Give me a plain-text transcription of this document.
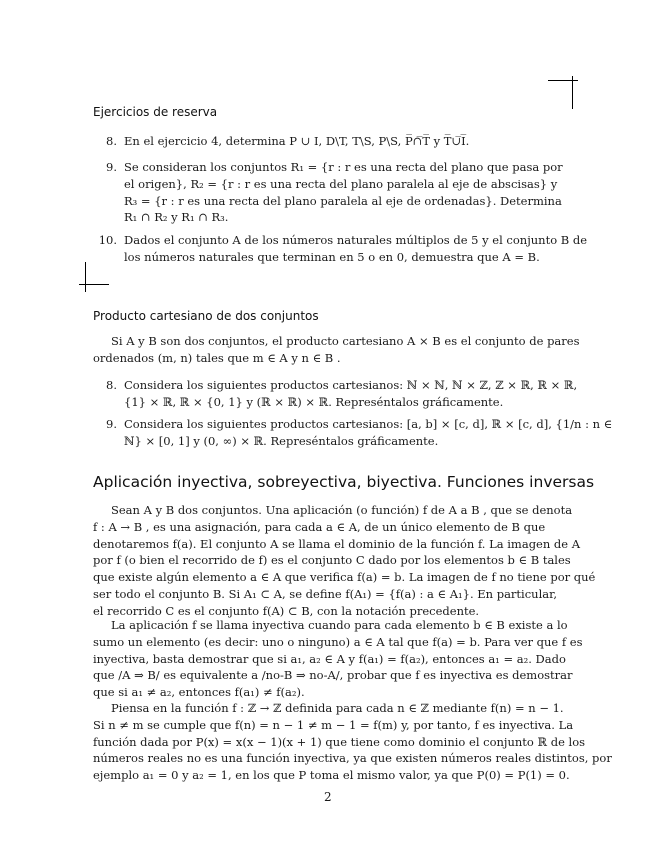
Ejercicios de reserva
8. En el ejercicio 4, determina P ∪ I, D\T, T\S, P\S, P̅∩̅T̅ y T̅∪̅I̅.
9. Se consideran los conjuntos R₁ = {r : r es una recta del plano que pasa por
el origen}, R₂ = {r : r es una recta del plano paralela al eje de abscisas} y
R₃ = {r : r es una recta del plano paralela al eje de ordenadas}. Determina
R₁ ∩ R₂ y R₁ ∩ R₃.
10. Dados el conjunto A de los números naturales múltiplos de 5 y el conjunto B de
los números naturales que terminan en 5 o en 0, demuestra que A = B.
Producto cartesiano de dos conjuntos
Si A y B son dos conjuntos, el producto cartesiano A × B es el conjunto de pares
ordenados (m, n) tales que m ∈ A y n ∈ B .
8. Considera los siguientes productos cartesianos: ℕ × ℕ, ℕ × ℤ, ℤ × ℝ, ℝ × ℝ,
{1} × ℝ, ℝ × {0, 1} y (ℝ × ℝ) × ℝ. Represéntalos gráficamente.
9. Considera los siguientes productos cartesianos: [a, b] × [c, d], ℝ × [c, d], {1/n : n ∈
ℕ} × [0, 1] y (0, ∞) × ℝ. Represéntalos gráficamente.
Aplicación inyectiva, sobreyectiva, biyectiva. Funciones inversas
Sean A y B dos conjuntos. Una aplicación (o función) f de A a B , que se denota
f : A → B , es una asignación, para cada a ∈ A, de un único elemento de B que
denotaremos f(a). El conjunto A se llama el dominio de la función f. La imagen de A
por f (o bien el recorrido de f) es el conjunto C dado por los elementos b ∈ B tales
que existe algún elemento a ∈ A que verifica f(a) = b. La imagen de f no tiene por qué
ser todo el conjunto B. Si A₁ ⊂ A, se define f(A₁) = {f(a) : a ∈ A₁}. En particular,
el recorrido C es el conjunto f(A) ⊂ B, con la notación precedente.
La aplicación f se llama inyectiva cuando para cada elemento b ∈ B existe a lo
sumo un elemento (es decir: uno o ninguno) a ∈ A tal que f(a) = b. Para ver que f es
inyectiva, basta demostrar que si a₁, a₂ ∈ A y f(a₁) = f(a₂), entonces a₁ = a₂. Dado
que /A ⇒ B/ es equivalente a /no-B ⇒ no-A/, probar que f es inyectiva es demostrar
que si a₁ ≠ a₂, entonces f(a₁) ≠ f(a₂).
Piensa en la función f : ℤ → ℤ definida para cada n ∈ ℤ mediante f(n) = n − 1.
Si n ≠ m se cumple que f(n) = n − 1 ≠ m − 1 = f(m) y, por tanto, f es inyectiva. La
función dada por P(x) = x(x − 1)(x + 1) que tiene como dominio el conjunto ℝ de los
números reales no es una función inyectiva, ya que existen números reales distintos, por
ejemplo a₁ = 0 y a₂ = 1, en los que P toma el mismo valor, ya que P(0) = P(1) = 0.
2
